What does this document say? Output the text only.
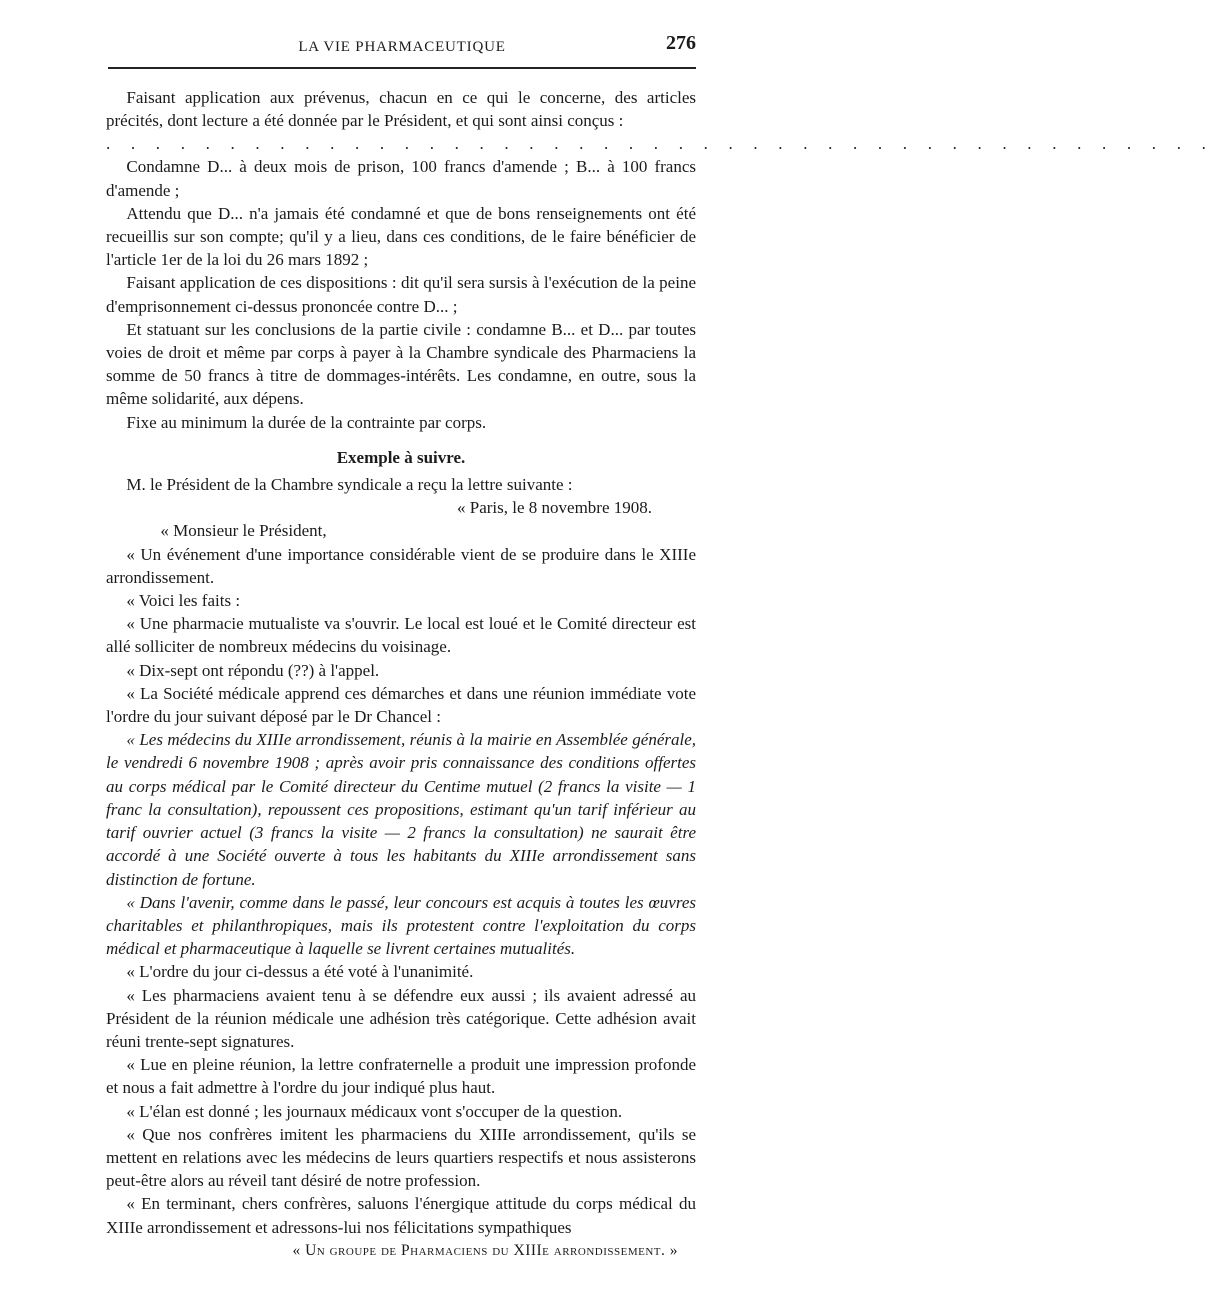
LA VIE PHARMACEUTIQUE	276

Faisant application aux prévenus, chacun en ce qui le concerne, des articles précités, dont lecture a été donnée par le Président, et qui sont ainsi conçus :

. . . . . . . . . . . . . . . . . . . . . . . . . . . . . . . . . . . . . . . . . . . . .

Condamne D... à deux mois de prison, 100 francs d'amende ; B... à 100 francs d'amende ;

Attendu que D... n'a jamais été condamné et que de bons renseignements ont été recueillis sur son compte; qu'il y a lieu, dans ces conditions, de le faire bénéficier de l'article 1er de la loi du 26 mars 1892 ;

Faisant application de ces dispositions : dit qu'il sera sursis à l'exécution de la peine d'emprisonnement ci-dessus prononcée contre D... ;

Et statuant sur les conclusions de la partie civile : condamne B... et D... par toutes voies de droit et même par corps à payer à la Chambre syndicale des Pharmaciens la somme de 50 francs à titre de dommages-intérêts. Les condamne, en outre, sous la même solidarité, aux dépens.

Fixe au minimum la durée de la contrainte par corps.

Exemple à suivre.

M. le Président de la Chambre syndicale a reçu la lettre suivante :

« Paris, le 8 novembre 1908.

« Monsieur le Président,

« Un événement d'une importance considérable vient de se produire dans le XIIIe arrondissement.

« Voici les faits :

« Une pharmacie mutualiste va s'ouvrir. Le local est loué et le Comité directeur est allé solliciter de nombreux médecins du voisinage.

« Dix-sept ont répondu (??) à l'appel.

« La Société médicale apprend ces démarches et dans une réunion immédiate vote l'ordre du jour suivant déposé par le Dr Chancel :

« Les médecins du XIIIe arrondissement, réunis à la mairie en Assemblée générale, le vendredi 6 novembre 1908 ; après avoir pris connaissance des conditions offertes au corps médical par le Comité directeur du Centime mutuel (2 francs la visite — 1 franc la consultation), repoussent ces propositions, estimant qu'un tarif inférieur au tarif ouvrier actuel (3 francs la visite — 2 francs la consultation) ne saurait être accordé à une Société ouverte à tous les habitants du XIIIe arrondissement sans distinction de fortune.

« Dans l'avenir, comme dans le passé, leur concours est acquis à toutes les œuvres charitables et philanthropiques, mais ils protestent contre l'exploitation du corps médical et pharmaceutique à laquelle se livrent certaines mutualités.

« L'ordre du jour ci-dessus a été voté à l'unanimité.

« Les pharmaciens avaient tenu à se défendre eux aussi ; ils avaient adressé au Président de la réunion médicale une adhésion très catégorique. Cette adhésion avait réuni trente-sept signatures.

« Lue en pleine réunion, la lettre confraternelle a produit une impression profonde et nous a fait admettre à l'ordre du jour indiqué plus haut.

« L'élan est donné ; les journaux médicaux vont s'occuper de la question.

« Que nos confrères imitent les pharmaciens du XIIIe arrondissement, qu'ils se mettent en relations avec les médecins de leurs quartiers respectifs et nous assisterons peut-être alors au réveil tant désiré de notre profession.

« En terminant, chers confrères, saluons l'énergique attitude du corps médical du XIIIe arrondissement et adressons-lui nos félicitations sympathiques

« Un groupe de Pharmaciens du XIIIe arrondissement. »
